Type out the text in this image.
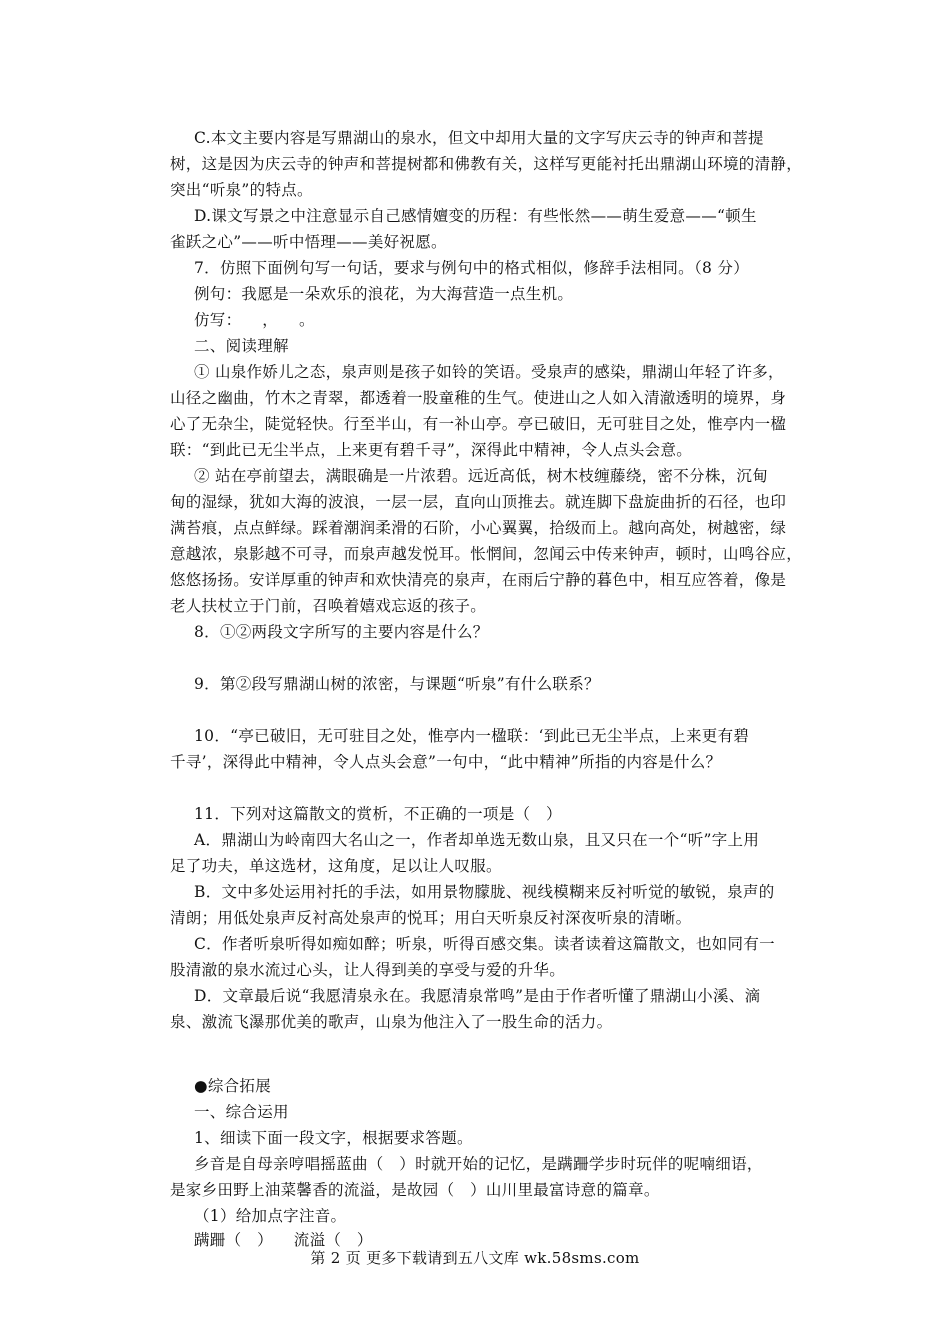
C.本文主要内容是写鼎湖山的泉水，但文中却用大量的文字写庆云寺的钟声和菩提
树，这是因为庆云寺的钟声和菩提树都和佛教有关，这样写更能衬托出鼎湖山环境的清静，
突出“听泉”的特点。
D.课文写景之中注意显示自己感情嬗变的历程：有些怅然——萌生爱意——“顿生
雀跃之心”——听中悟理——美好祝愿。
7．仿照下面例句写一句话，要求与例句中的格式相似，修辞手法相同。（8 分）
例句：我愿是一朵欢乐的浪花，为大海营造一点生机。
仿写：    ，    。
二、阅读理解
① 山泉作娇儿之态，泉声则是孩子如铃的笑语。受泉声的感染，鼎湖山年轻了许多，
山径之幽曲，竹木之青翠，都透着一股童稚的生气。使进山之人如入清澈透明的境界，身
心了无杂尘，陡觉轻快。行至半山，有一补山亭。亭已破旧，无可驻目之处，惟亭内一楹
联：“到此已无尘半点，上来更有碧千寻”，深得此中精神，令人点头会意。
② 站在亭前望去，满眼确是一片浓碧。远近高低，树木枝缠藤绕，密不分株，沉甸
甸的湿绿，犹如大海的波浪，一层一层，直向山顶推去。就连脚下盘旋曲折的石径，也印
满苔痕，点点鲜绿。踩着潮润柔滑的石阶，小心翼翼，拾级而上。越向高处，树越密，绿
意越浓，泉影越不可寻，而泉声越发悦耳。怅惘间，忽闻云中传来钟声，顿时，山鸣谷应，
悠悠扬扬。安详厚重的钟声和欢快清亮的泉声，在雨后宁静的暮色中，相互应答着，像是
老人扶杖立于门前，召唤着嬉戏忘返的孩子。
8．①②两段文字所写的主要内容是什么？
9．第②段写鼎湖山树的浓密，与课题“听泉”有什么联系？
10．“亭已破旧，无可驻目之处，惟亭内一楹联：‘到此已无尘半点，上来更有碧
千寻’，深得此中精神，令人点头会意”一句中，“此中精神”所指的内容是什么？
11．下列对这篇散文的赏析，不正确的一项是（   ）
A．鼎湖山为岭南四大名山之一，作者却单选无数山泉，且又只在一个“听”字上用
足了功夫，单这选材，这角度，足以让人叹服。
B．文中多处运用衬托的手法，如用景物朦胧、视线模糊来反衬听觉的敏锐，泉声的
清朗；用低处泉声反衬高处泉声的悦耳；用白天听泉反衬深夜听泉的清晰。
C．作者听泉听得如痴如醉；听泉，听得百感交集。读者读着这篇散文，也如同有一
股清澈的泉水流过心头，让人得到美的享受与爱的升华。
D．文章最后说“我愿清泉永在。我愿清泉常鸣”是由于作者听懂了鼎湖山小溪、滴
泉、激流飞瀑那优美的歌声，山泉为他注入了一股生命的活力。
●综合拓展
一、综合运用
1、细读下面一段文字，根据要求答题。
乡音是自母亲哼唱摇蓝曲（   ）时就开始的记忆，是蹒跚学步时玩伴的呢喃细语，
是家乡田野上油菜馨香的流溢，是故园（   ）山川里最富诗意的篇章。
（1）给加点字注音。
蹒跚（   ）    流溢（   ）
第 2 页 更多下载请到五八文库 wk.58sms.com
